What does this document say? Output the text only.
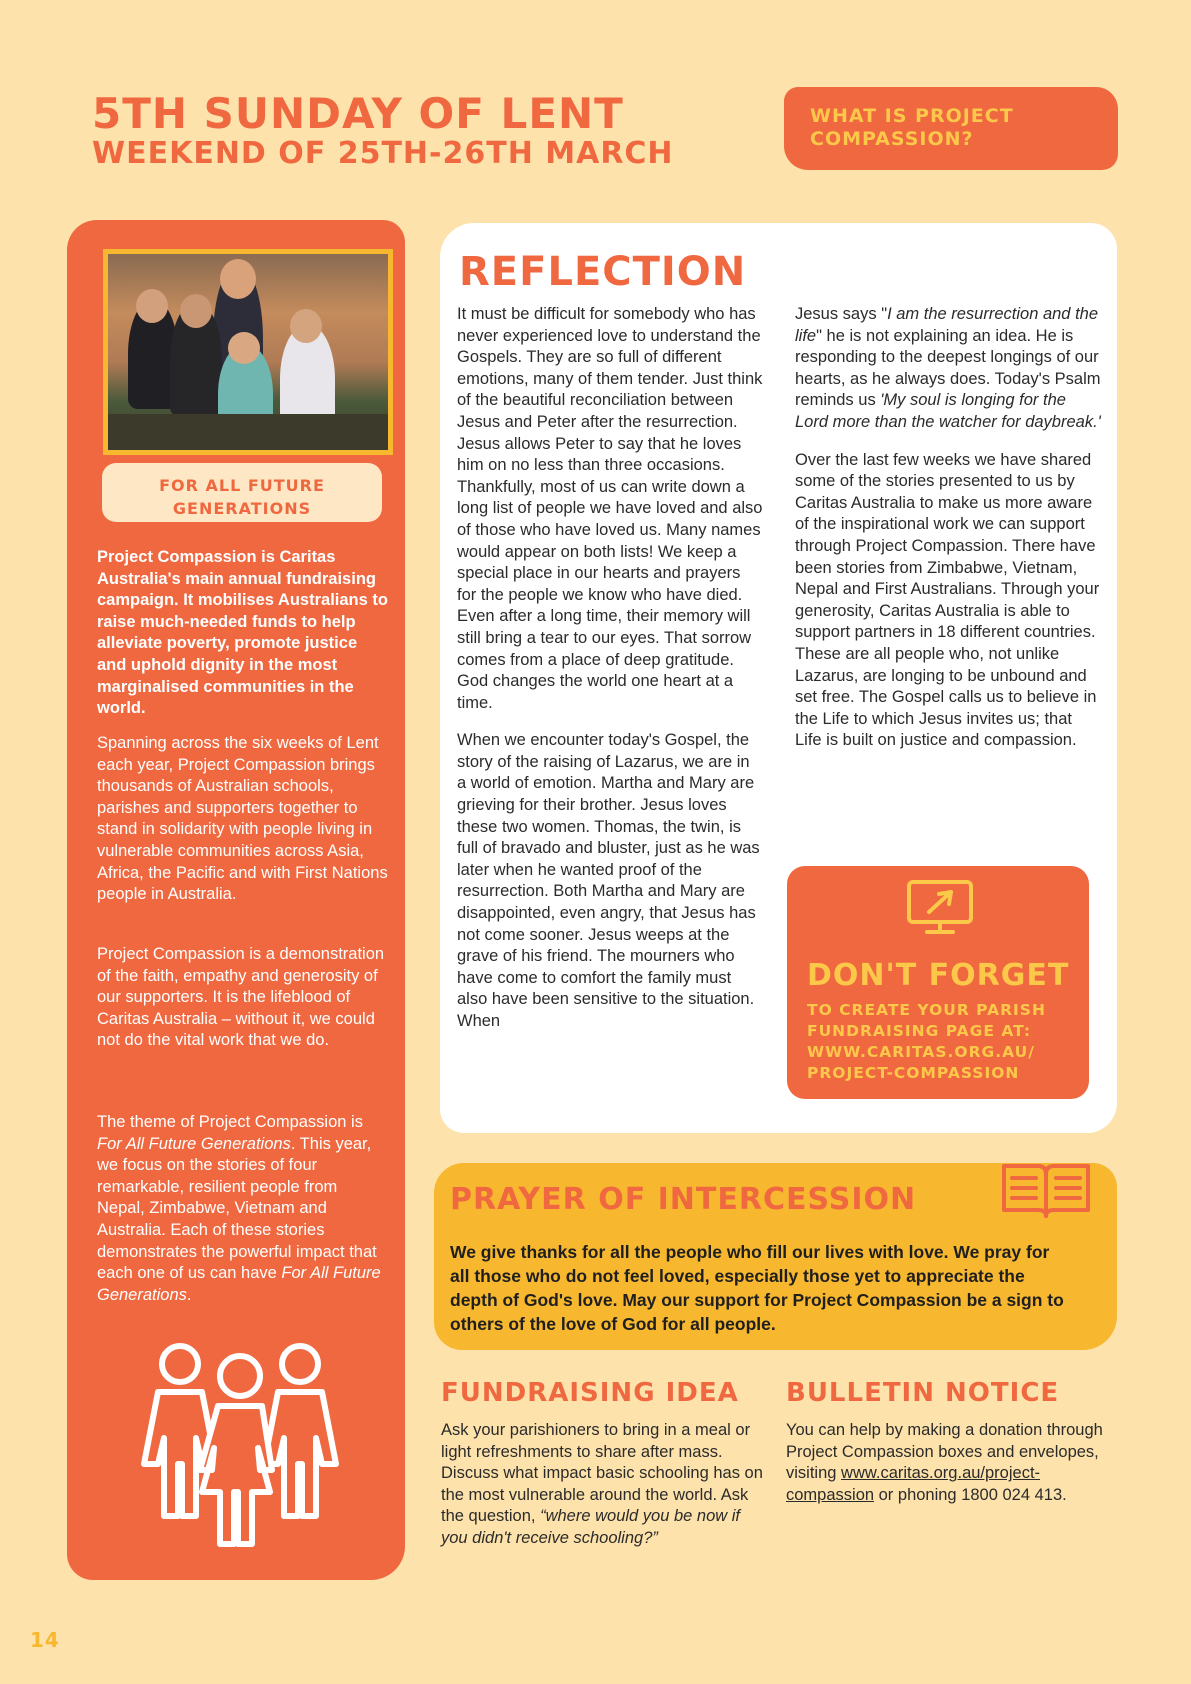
5TH SUNDAY OF LENT
WEEKEND OF 25TH-26TH MARCH
WHAT IS PROJECT
COMPASSION?
FOR ALL FUTURE
GENERATIONS
Project Compassion is Caritas Australia's main annual fundraising campaign. It mobilises Australians to raise much-needed funds to help alleviate poverty, promote justice and uphold dignity in the most marginalised communities in the world.
Spanning across the six weeks of Lent each year, Project Compassion brings thousands of Australian schools, parishes and supporters together to stand in solidarity with people living in vulnerable communities across Asia, Africa, the Pacific and with First Nations people in Australia.
Project Compassion is a demonstration of the faith, empathy and generosity of our supporters. It is the lifeblood of Caritas Australia – without it, we could not do the vital work that we do.
The theme of Project Compassion is For All Future Generations. This year, we focus on the stories of four remarkable, resilient people from Nepal, Zimbabwe, Vietnam and Australia. Each of these stories demonstrates the powerful impact that each one of us can have For All Future Generations.
REFLECTION

It must be difficult for somebody who has never experienced love to understand the Gospels. They are so full of different emotions, many of them tender. Just think of the beautiful reconciliation between Jesus and Peter after the resurrection. Jesus allows Peter to say that he loves him on no less than three occasions. Thankfully, most of us can write down a long list of people we have loved and also of those who have loved us. Many names would appear on both lists! We keep a special place in our hearts and prayers for the people we know who have died. Even after a long time, their memory will still bring a tear to our eyes. That sorrow comes from a place of deep gratitude. God changes the world one heart at a time.

When we encounter today's Gospel, the story of the raising of Lazarus, we are in a world of emotion. Martha and Mary are grieving for their brother. Jesus loves these two women. Thomas, the twin, is full of bravado and bluster, just as he was later when he wanted proof of the resurrection. Both Martha and Mary are disappointed, even angry, that Jesus has not come sooner. Jesus weeps at the grave of his friend. The mourners who have come to comfort the family must also have been sensitive to the situation. When

Jesus says "I am the resurrection and the life" he is not explaining an idea. He is responding to the deepest longings of our hearts, as he always does. Today's Psalm reminds us 'My soul is longing for the Lord more than the watcher for daybreak.'

Over the last few weeks we have shared some of the stories presented to us by Caritas Australia to make us more aware of the inspirational work we can support through Project Compassion. There have been stories from Zimbabwe, Vietnam, Nepal and First Australians. Through your generosity, Caritas Australia is able to support partners in 18 different countries. These are all people who, not unlike Lazarus, are longing to be unbound and set free. The Gospel calls us to believe in the Life to which Jesus invites us; that Life is built on justice and compassion.

DON'T FORGET
TO CREATE YOUR PARISH
FUNDRAISING PAGE AT:
WWW.CARITAS.ORG.AU/
PROJECT-COMPASSION
PRAYER OF INTERCESSION
We give thanks for all the people who fill our lives with love. We pray for all those who do not feel loved, especially those yet to appreciate the depth of God's love. May our support for Project Compassion be a sign to others of the love of God for all people.
FUNDRAISING IDEA
Ask your parishioners to bring in a meal or light refreshments to share after mass. Discuss what impact basic schooling has on the most vulnerable around the world. Ask the question, “where would you be now if you didn't receive schooling?”
BULLETIN NOTICE
You can help by making a donation through Project Compassion boxes and envelopes, visiting www.caritas.org.au/project-compassion or phoning 1800 024 413.
14
